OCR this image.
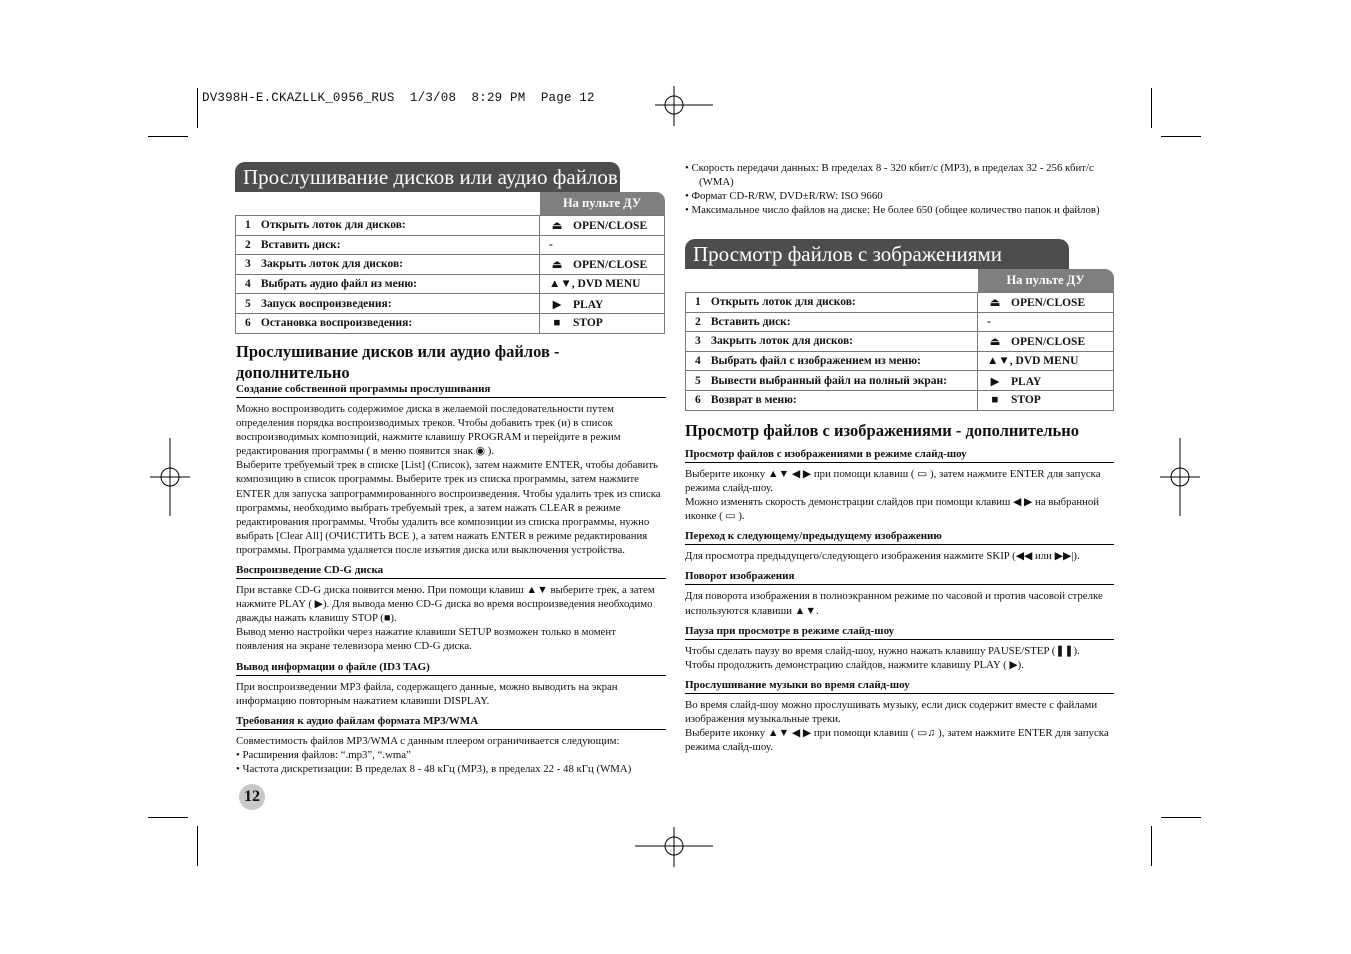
DV398H-E.CKAZLLK_0956_RUS  1/3/08  8:29 PM  Page 12
Прослушивание дисков или аудио файлов
	На пульте ДУ
1 Открыть лоток для дисков:	⏏ OPEN/CLOSE
2 Вставить диск:	-
3 Закрыть лоток для дисков:	⏏ OPEN/CLOSE
4 Выбрать аудио файл из меню:	▲▼, DVD MENU
5 Запуск воспроизведения:	▶ PLAY
6 Остановка воспроизведения:	■ STOP
Прослушивание дисков или аудио файлов - дополнительно
Создание собственной программы прослушивания
Можно воспроизводить содержимое диска в желаемой последовательности путем определения порядка воспроизводимых треков. Чтобы добавить трек (и) в список воспроизводимых композиций, нажмите клавишу PROGRAM и перейдите в режим редактирования программы ( в меню появится знак ◉ ).
Выберите требуемый трек в списке [List] (Список), затем нажмите ENTER, чтобы добавить композицию в список программы. Выберите трек из списка программы, затем нажмите ENTER для запуска запрограммированного воспроизведения. Чтобы удалить трек из списка программы, необходимо выбрать требуемый трек, а затем нажать CLEAR в режиме редактирования программы. Чтобы удалить все композиции из списка программы, нужно выбрать [Clear All] (ОЧИСТИТЬ ВСЕ ), а затем нажать ENTER в режиме редактирования программы. Программа удаляется после изъятия диска или выключения устройства.
Воспроизведение CD-G диска
При вставке CD-G диска появится меню. При помощи клавиш ▲▼ выберите трек, а затем нажмите PLAY ( ▶). Для вывода меню CD-G диска во время воспроизведения необходимо дважды нажать клавишу STOP (■).
Вывод меню настройки через нажатие клавиши SETUP возможен только в момент появления на экране телевизора меню CD-G диска.
Вывод информации о файле (ID3 TAG)
При воспроизведении MP3 файла, содержащего данные, можно выводить на экран информацию повторным нажатием клавиши DISPLAY.
Требования к аудио файлам формата MP3/WMA
Совместимость файлов MP3/WMA с данным плеером ограничивается следующим:
• Расширения файлов: “.mp3”, “.wma”
• Частота дискретизации: В пределах 8 - 48 кГц (MP3), в пределах 22 - 48 кГц (WMA)
12
• Скорость передачи данных: В пределах 8 - 320 кбит/с (MP3), в пределах 32 - 256 кбит/с (WMA)
• Формат CD-R/RW, DVD±R/RW: ISO 9660
• Максимальное число файлов на диске: Не более 650 (общее количество папок и файлов)
Просмотр файлов с зображениями
	На пульте ДУ
1 Открыть лоток для дисков:	⏏ OPEN/CLOSE
2 Вставить диск:	-
3 Закрыть лоток для дисков:	⏏ OPEN/CLOSE
4 Выбрать файл с изображением из меню:	▲▼, DVD MENU
5 Вывести выбранный файл на полный экран:	▶ PLAY
6 Возврат в меню:	■ STOP
Просмотр файлов с изображениями - дополнительно
Просмотр файлов с изображениями в режиме слайд-шоу
Выберите иконку ▲▼ ◀ ▶ при помощи клавиш ( ▭ ), затем нажмите ENTER для запуска режима слайд-шоу.
Можно изменять скорость демонстрации слайдов при помощи клавиш ◀ ▶ на выбранной иконке ( ▭ ).
Переход к следующему/предыдущему изображению
Для просмотра предыдущего/следующего изображения нажмите SKIP (◀◀ или ▶▶|).
Поворот изображения
Для поворота изображения в полноэкранном режиме по часовой и против часовой стрелке используются клавиши ▲▼.
Пауза при просмотре в режиме слайд-шоу
Чтобы сделать паузу во время слайд-шоу, нужно нажать клавишу PAUSE/STEP (❚❚).
Чтобы продолжить демонстрацию слайдов, нажмите клавишу PLAY ( ▶).
Прослушивание музыки во время слайд-шоу
Во время слайд-шоу можно прослушивать музыку, если диск содержит вместе с файлами изображения музыкальные треки.
Выберите иконку ▲▼ ◀ ▶ при помощи клавиш ( ▭♫ ), затем нажмите ENTER для запуска режима слайд-шоу.
